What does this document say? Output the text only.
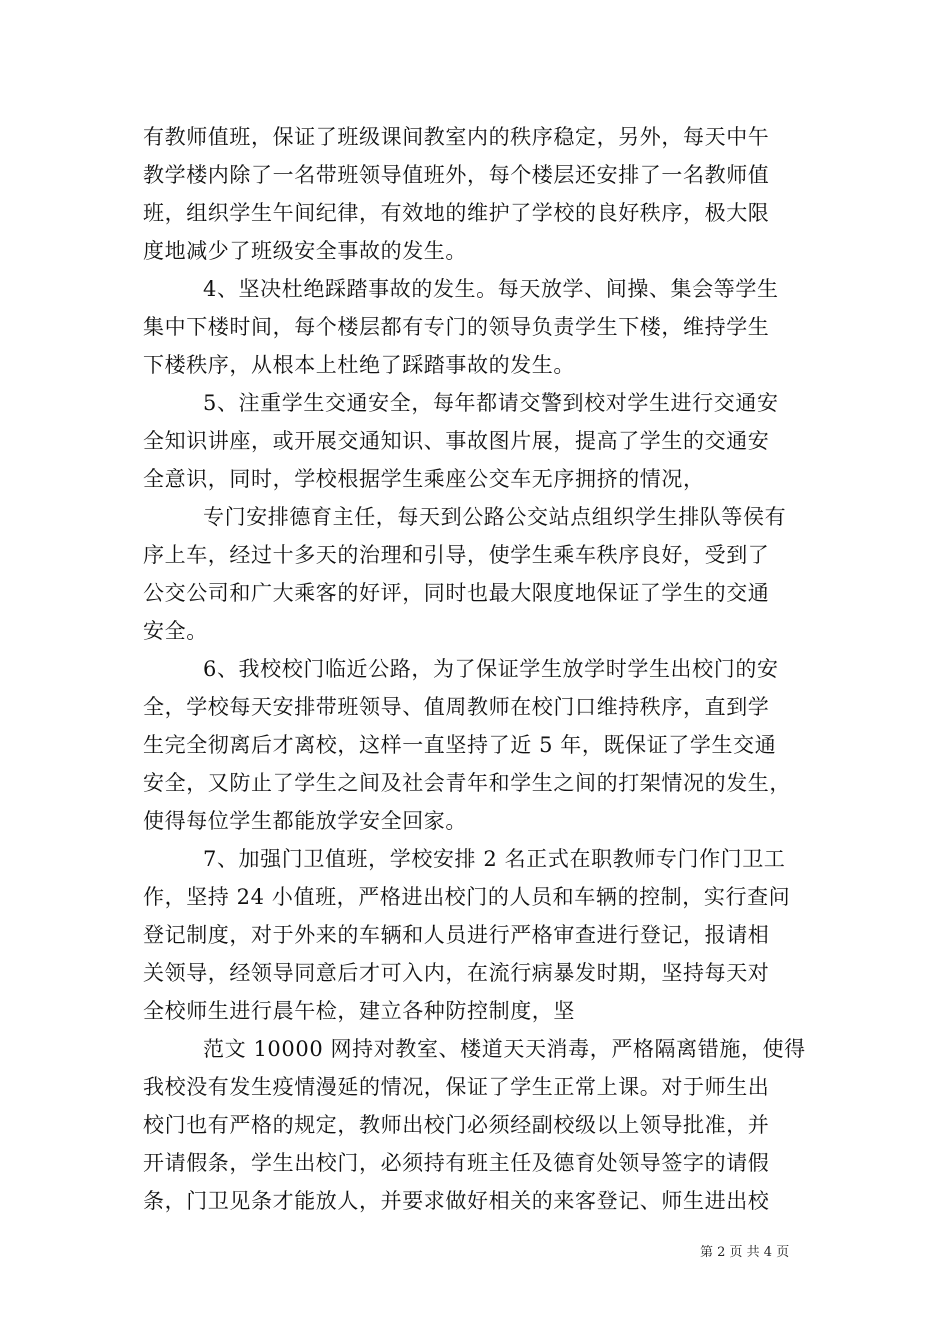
有教师值班，保证了班级课间教室内的秩序稳定，另外，每天中午
教学楼内除了一名带班领导值班外，每个楼层还安排了一名教师值
班，组织学生午间纪律，有效地的维护了学校的良好秩序，极大限
度地减少了班级安全事故的发生。
4、坚决杜绝踩踏事故的发生。每天放学、间操、集会等学生
集中下楼时间，每个楼层都有专门的领导负责学生下楼，维持学生
下楼秩序，从根本上杜绝了踩踏事故的发生。
5、注重学生交通安全，每年都请交警到校对学生进行交通安
全知识讲座，或开展交通知识、事故图片展，提高了学生的交通安
全意识，同时，学校根据学生乘座公交车无序拥挤的情况，
专门安排德育主任，每天到公路公交站点组织学生排队等侯有
序上车，经过十多天的治理和引导，使学生乘车秩序良好，受到了
公交公司和广大乘客的好评，同时也最大限度地保证了学生的交通
安全。
6、我校校门临近公路，为了保证学生放学时学生出校门的安
全，学校每天安排带班领导、值周教师在校门口维持秩序，直到学
生完全彻离后才离校，这样一直坚持了近 5 年，既保证了学生交通
安全，又防止了学生之间及社会青年和学生之间的打架情况的发生，
使得每位学生都能放学安全回家。
7、加强门卫值班，学校安排 2 名正式在职教师专门作门卫工
作，坚持 24 小值班，严格进出校门的人员和车辆的控制，实行查问
登记制度，对于外来的车辆和人员进行严格审查进行登记，报请相
关领导，经领导同意后才可入内，在流行病暴发时期，坚持每天对
全校师生进行晨午检，建立各种防控制度，坚
范文 10000 网持对教室、楼道天天消毒，严格隔离错施，使得
我校没有发生疫情漫延的情况，保证了学生正常上课。对于师生出
校门也有严格的规定，教师出校门必须经副校级以上领导批准，并
开请假条，学生出校门，必须持有班主任及德育处领导签字的请假
条，门卫见条才能放人，并要求做好相关的来客登记、师生进出校
第 2 页 共 4 页
